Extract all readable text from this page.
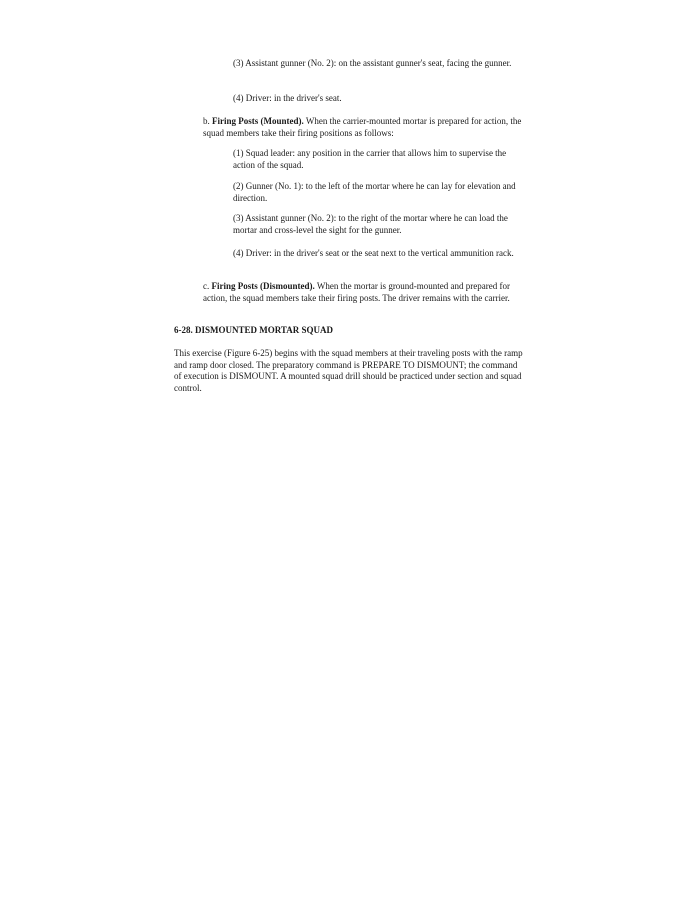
(3) Assistant gunner (No. 2): on the assistant gunner's seat, facing the gunner.

(4) Driver: in the driver's seat.

b. Firing Posts (Mounted). When the carrier-mounted mortar is prepared for action, the squad members take their firing positions as follows:

(1) Squad leader: any position in the carrier that allows him to supervise the action of the squad.

(2) Gunner (No. 1): to the left of the mortar where he can lay for elevation and direction.

(3) Assistant gunner (No. 2): to the right of the mortar where he can load the mortar and cross-level the sight for the gunner.

(4) Driver: in the driver's seat or the seat next to the vertical ammunition rack.

c. Firing Posts (Dismounted). When the mortar is ground-mounted and prepared for action, the squad members take their firing posts. The driver remains with the carrier.

6-28. DISMOUNTED MORTAR SQUAD

This exercise (Figure 6-25) begins with the squad members at their traveling posts with the ramp and ramp door closed. The preparatory command is PREPARE TO DISMOUNT; the command of execution is DISMOUNT. A mounted squad drill should be practiced under section and squad control.
